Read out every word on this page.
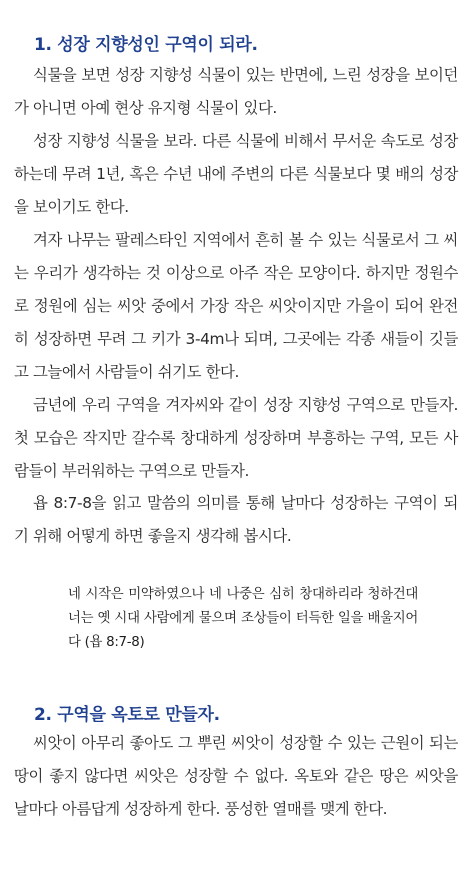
1. 성장 지향성인 구역이 되라.

식물을 보면 성장 지향성 식물이 있는 반면에, 느린 성장을 보이던가 아니면 아예 현상 유지형 식물이 있다.

성장 지향성 식물을 보라. 다른 식물에 비해서 무서운 속도로 성장하는데 무려 1년, 혹은 수년 내에 주변의 다른 식물보다 몇 배의 성장을 보이기도 한다.

겨자 나무는 팔레스타인 지역에서 흔히 볼 수 있는 식물로서 그 씨는 우리가 생각하는 것 이상으로 아주 작은 모양이다. 하지만 정원수로 정원에 심는 씨앗 중에서 가장 작은 씨앗이지만 가을이 되어 완전히 성장하면 무려 그 키가 3-4m나 되며, 그곳에는 각종 새들이 깃들고 그늘에서 사람들이 쉬기도 한다.

금년에 우리 구역을 겨자씨와 같이 성장 지향성 구역으로 만들자. 첫 모습은 작지만 갈수록 창대하게 성장하며 부흥하는 구역, 모든 사람들이 부러워하는 구역으로 만들자.

욥 8:7-8을 읽고 말씀의 의미를 통해 날마다 성장하는 구역이 되기 위해 어떻게 하면 좋을지 생각해 봅시다.

네 시작은 미약하였으나 네 나중은 심히 창대하리라 청하건대 너는 옛 시대 사람에게 물으며 조상들이 터득한 일을 배울지어다 (욥 8:7-8)

2. 구역을 옥토로 만들자.

씨앗이 아무리 좋아도 그 뿌린 씨앗이 성장할 수 있는 근원이 되는 땅이 좋지 않다면 씨앗은 성장할 수 없다. 옥토와 같은 땅은 씨앗을 날마다 아름답게 성장하게 한다. 풍성한 열매를 맺게 한다.
